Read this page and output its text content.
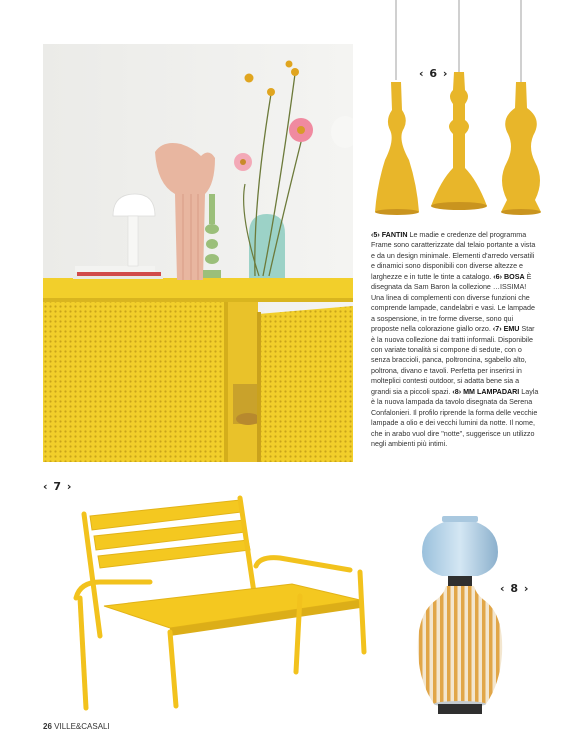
‹ 6 ›
‹ 7 ›
‹ 8 ›
‹5› FANTIN Le madie e credenze del programma Frame sono caratterizzate dal telaio portante a vista e da un design minimale. Elementi d'arredo versatili e dinamici sono disponibili con diverse altezze e larghezze e in tutte le tinte a catalogo. ‹6› BOSA È disegnata da Sam Baron la collezione …ISSIMA! Una linea di complementi con diverse funzioni che comprende lampade, candelabri e vasi. Le lampade a sospensione, in tre forme diverse, sono qui proposte nella colorazione giallo orzo. ‹7› EMU Star è la nuova collezione dai tratti informali. Disponibile con variate tonalità si compone di sedute, con o senza braccioli, panca, poltroncina, sgabello alto, poltrona, divano e tavoli. Perfetta per inserirsi in molteplici contesti outdoor, si adatta bene sia a grandi sia a piccoli spazi. ‹8› MM LAMPADARI Layla è la nuova lampada da tavolo disegnata da Serena Confalonieri. Il profilo riprende la forma delle vecchie lampade a olio e dei vecchi lumini da notte. Il nome, che in arabo vuol dire "notte", suggerisce un utilizzo negli ambienti più intimi.
26 VILLE&CASALI
